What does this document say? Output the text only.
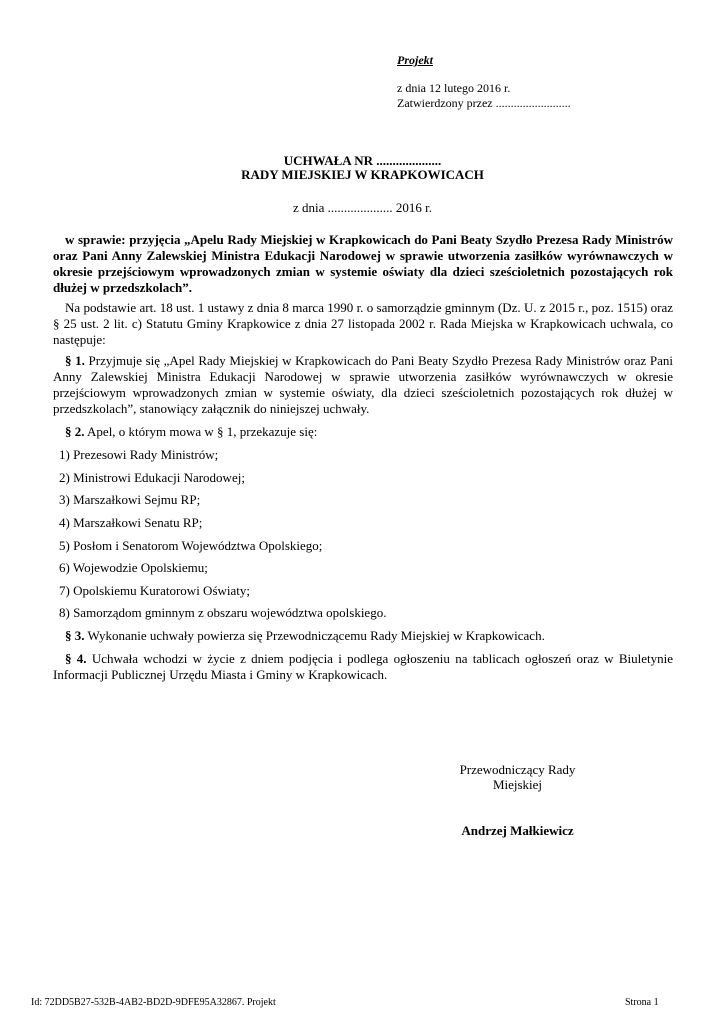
Projekt
z dnia 12 lutego 2016 r.
Zatwierdzony przez .........................
UCHWAŁA NR ....................
RADY MIEJSKIEJ W KRAPKOWICACH
z dnia .................... 2016 r.
w sprawie: przyjęcia „Apelu Rady Miejskiej w Krapkowicach do Pani Beaty Szydło Prezesa Rady Ministrów oraz Pani Anny Zalewskiej Ministra Edukacji Narodowej w sprawie utworzenia zasiłków wyrównawczych w okresie przejściowym wprowadzonych zmian w systemie oświaty dla dzieci sześcioletnich pozostających rok dłużej w przedszkolach”.
Na podstawie art. 18 ust. 1 ustawy z dnia 8 marca 1990 r. o samorządzie gminnym (Dz. U. z 2015 r., poz. 1515) oraz § 25 ust. 2 lit. c) Statutu Gminy Krapkowice z dnia 27 listopada 2002 r. Rada Miejska w Krapkowicach uchwala, co następuje:
§ 1. Przyjmuje się „Apel Rady Miejskiej w Krapkowicach do Pani Beaty Szydło Prezesa Rady Ministrów oraz Pani Anny Zalewskiej Ministra Edukacji Narodowej w sprawie utworzenia zasiłków wyrównawczych w okresie przejściowym wprowadzonych zmian w systemie oświaty, dla dzieci sześcioletnich pozostających rok dłużej w przedszkolach”, stanowiący załącznik do niniejszej uchwały.
§ 2. Apel, o którym mowa w § 1, przekazuje się:
1) Prezesowi Rady Ministrów;
2) Ministrowi Edukacji Narodowej;
3) Marszałkowi Sejmu RP;
4) Marszałkowi Senatu RP;
5) Posłom i Senatorom Województwa Opolskiego;
6) Wojewodzie Opolskiemu;
7) Opolskiemu Kuratorowi Oświaty;
8) Samorządom gminnym z obszaru województwa opolskiego.
§ 3. Wykonanie uchwały powierza się Przewodniczącemu Rady Miejskiej w Krapkowicach.
§ 4. Uchwała wchodzi w życie z dniem podjęcia i podlega ogłoszeniu na tablicach ogłoszeń oraz w Biuletynie Informacji Publicznej Urzędu Miasta i Gminy w Krapkowicach.
Przewodniczący Rady
Miejskiej
Andrzej Małkiewicz
Id: 72DD5B27-532B-4AB2-BD2D-9DFE95A32867. Projekt	Strona 1
